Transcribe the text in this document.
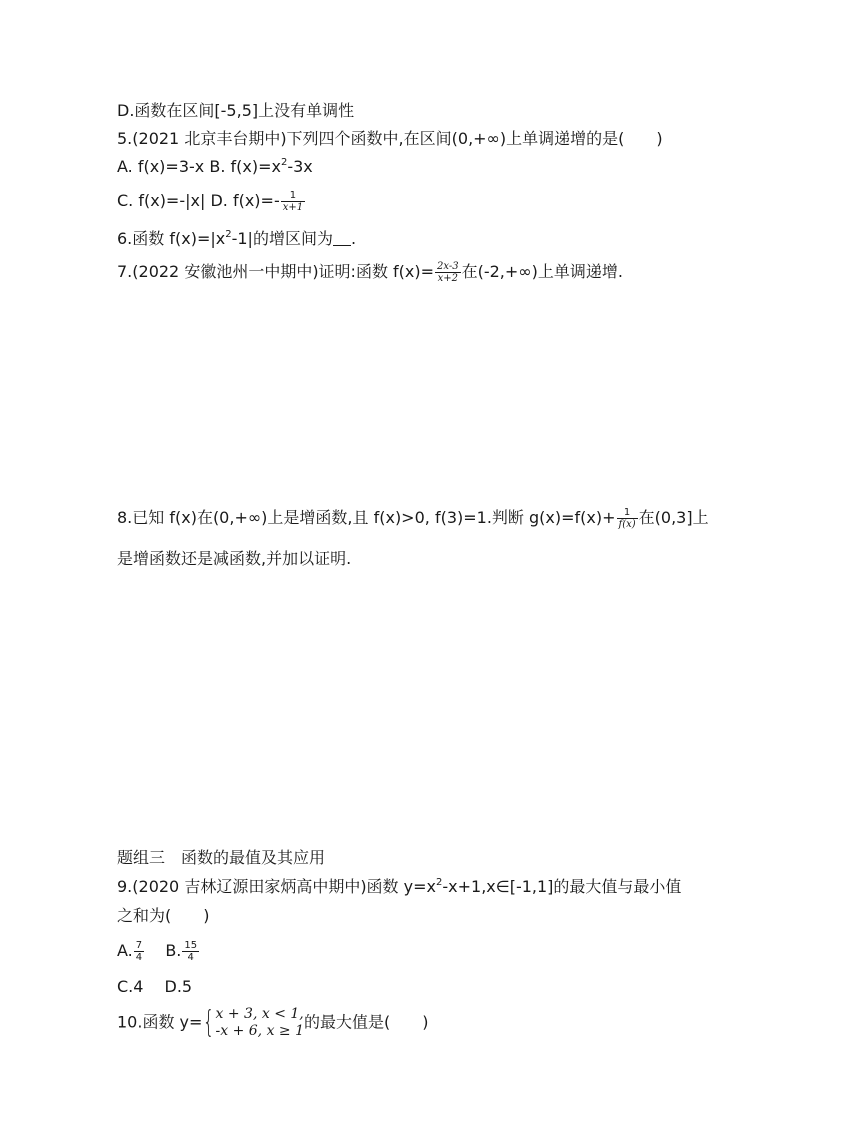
D.函数在区间[-5,5]上没有单调性
5.(2021 北京丰台期中)下列四个函数中,在区间(0,+∞)上单调递增的是(　　)
A. f(x)=3-x B. $f(x)=x^2-3x$
C. f(x)=-|x| D. $f(x)=- \frac{1}{x+1}$
6.函数 $f(x)=|x^2-1|$的增区间为 .
7.(2022 安徽池州一中期中)证明:函数 $f(x)= \frac{2x-3}{x+2}$ 在(-2,+∞)上单调递增.
8.已知 f(x)在(0,+∞)上是增函数,且 f(x)>0, f(3)=1.判断 $g(x)=f(x)+ \frac{1}{f(x)}$ 在(0,3]上
是增函数还是减函数,并加以证明.
题组三　函数的最值及其应用
9.(2020 吉林辽源田家炳高中期中)函数 $y=x^2-x+1,x\in[-1,1]$的最大值与最小值
之和为(　　)
A. $\frac{7}{4} B$. $\frac{15}{4}$
C.4　 D.5
10.函数 y={ x + 3, x < 1,
-x + 6, x ≥ 1 的最大值是(　　)
